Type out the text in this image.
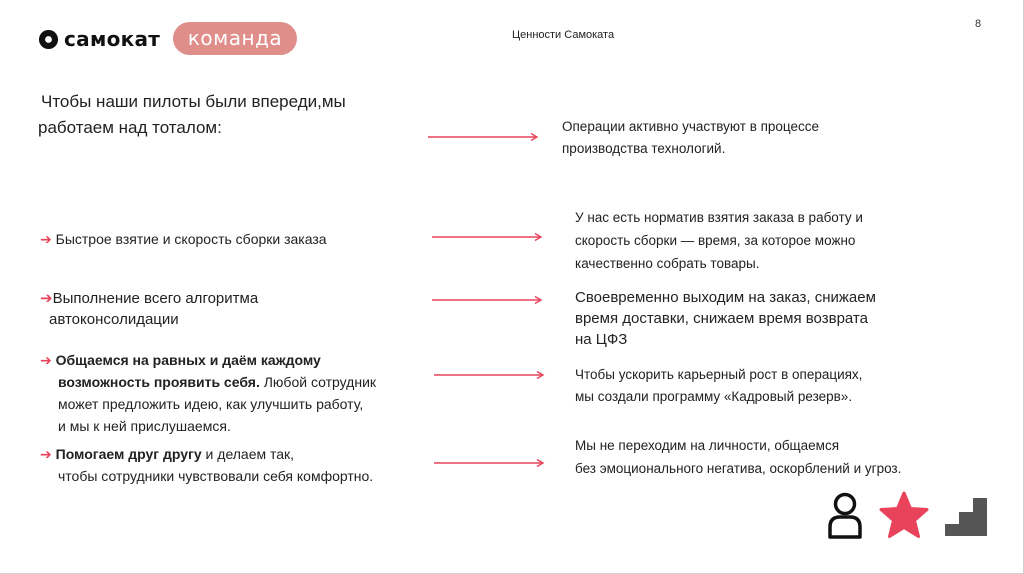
самокат	команда	Ценности Самоката
8
Чтобы наши пилоты были впереди,мы
работаем над тоталом:
➔ Быстрое взятие и скорость сборки заказа
➔Выполнение всего алгоритма
автоконсолидации
➔ Общаемся на равных и даём каждому
возможность проявить себя. Любой сотрудник
может предложить идею, как улучшить работу,
и мы к ней прислушаемся.
➔ Помогаем друг другу и делаем так,
чтобы сотрудники чувствовали себя комфортно.
Операции активно участвуют в процессе
производства технологий.
У нас есть норматив взятия заказа в работу и
скорость сборки — время, за которое можно
качественно собрать товары.
Своевременно выходим на заказ, снижаем
время доставки, снижаем время возврата
на ЦФЗ
Чтобы ускорить карьерный рост в операциях,
мы создали программу «Кадровый резерв».
Мы не переходим на личности, общаемся
без эмоционального негатива, оскорблений и угроз.
